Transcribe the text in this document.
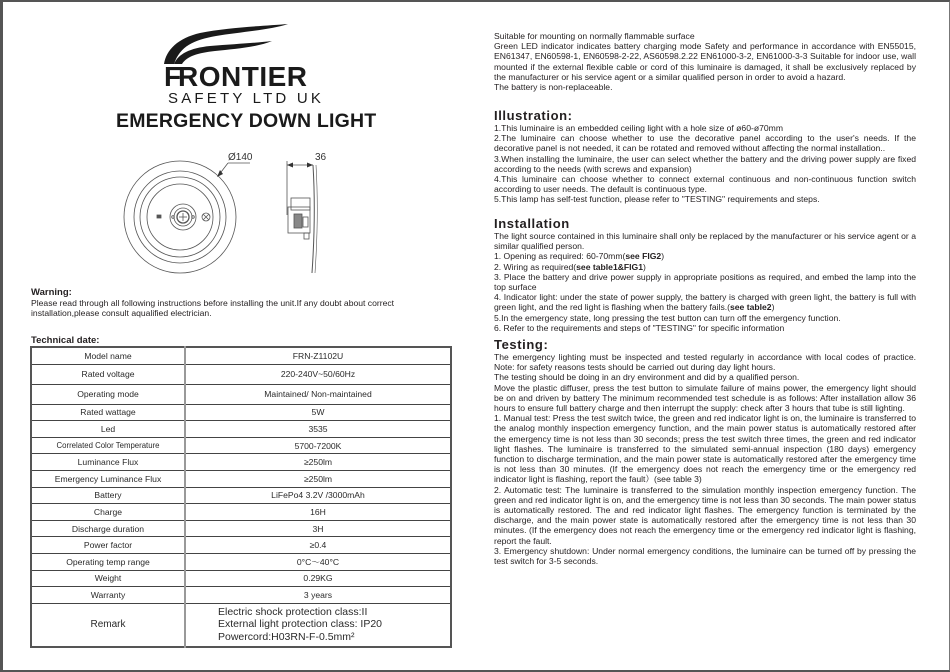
FRONTIER
SAFETY LTD UK
EMERGENCY DOWN LIGHT
Ø140	36
Warning:
Please read through all following instructions before installing the unit.If any doubt about correct installation,please consult aqualified electrician.
Technical date:
Model name	FRN-Z1102U
Rated voltage	220-240V~50/60Hz
Operating mode	Maintained/ Non-maintained
Rated wattage	5W
Led	3535
Correlated Color Temperature	5700-7200K
Luminance Flux	≥250lm
Emergency Luminance Flux	≥250lm
Battery	LiFePo4 3.2V /3000mAh
Charge	16H
Discharge duration	3H
Power factor	≥0.4
Operating temp range	0°C～40°C
Weight	0.29KG
Warranty	3 years
Remark	Electric shock protection class:II
External light protection class: IP20
Powercord:H03RN-F-0.5mm²

Suitable for mounting on normally flammable surface

Green LED indicator indicates battery charging mode Safety and performance in accordance with EN55015, EN61347, EN60598-1, EN60598-2-22, AS60598.2.22 EN61000-3-2, EN61000-3-3 Suitable for indoor use, wall mounted if the external flexible cable or cord of this luminaire is damaged, it shall be exclusively replaced by the manufacturer or his service agent or a similar qualified person in order to avoid a hazard.

The battery is non-replaceable.

Illustration:

1.This luminaire is an embedded ceiling light with a hole size of ø60-ø70mm

2.The luminaire can choose whether to use the decorative panel according to the user's needs. If the decorative panel is not needed, it can be rotated and removed without affecting the normal installation..

3.When installing the luminaire, the user can select whether the battery and the driving power supply are fixed according to the needs (with screws and expansion)

4.This luminaire can choose whether to connect external continuous and non-continuous function switch according to user needs. The default is continuous type.

5.This lamp has self-test function, please refer to "TESTING" requirements and steps.

Installation

The light source contained in this luminaire shall only be replaced by the manufacturer or his service agent or a similar qualified person.

1. Opening as required: 60-70mm(see FIG2)

2. Wiring as required(see table1&FIG1)

3. Place the battery and drive power supply in appropriate positions as required, and embed the lamp into the top surface

4. Indicator light: under the state of power supply, the battery is charged with green light, the battery is full with green light, and the red light is flashing when the battery fails.(see table2)

5.In the emergency state, long pressing the test button can turn off the emergency function.

6. Refer to the requirements and steps of "TESTING" for specific information

Testing:

The emergency lighting must be inspected and tested regularly in accordance with local codes of practice. Note: for safety reasons tests should be carried out during day light hours.

The testing should be doing in an dry environment and did by a qualified person.

Move the plastic diffuser, press the test button to simulate failure of mains power, the emergency light should be on and driven by battery The minimum recommended test schedule is as follows: After installation allow 36 hours to ensure full battery charge and then interrupt the supply: check after 3 hours that tube is still lighting.

1. Manual test: Press the test switch twice, the green and red indicator light is on, the luminaire is transferred to the analog monthly inspection emergency function, and the main power status is automatically restored after the emergency time is not less than 30 seconds; press the test switch three times, the green and red indicator light flashes. The luminaire is transferred to the simulated semi-annual inspection (180 days) emergency function to discharge termination, and the main power state is automatically restored after the emergency time is not less than 30 minutes. (If the emergency does not reach the emergency time or the emergency red indicator light is flashing, report the fault）(see table 3)

2. Automatic test: The luminaire is transferred to the simulation monthly inspection emergency function. The green and red indicator light is on, and the emergency time is not less than 30 seconds. The main power status is automatically restored. The and red indicator light flashes. The emergency function is terminated by the discharge, and the main power state is automatically restored after the emergency time is not less than 30 minutes. (If the emergency does not reach the emergency time or the emergency red indicator light is flashing, report the fault.

3. Emergency shutdown: Under normal emergency conditions, the luminaire can be turned off by pressing the test switch for 3-5 seconds.
